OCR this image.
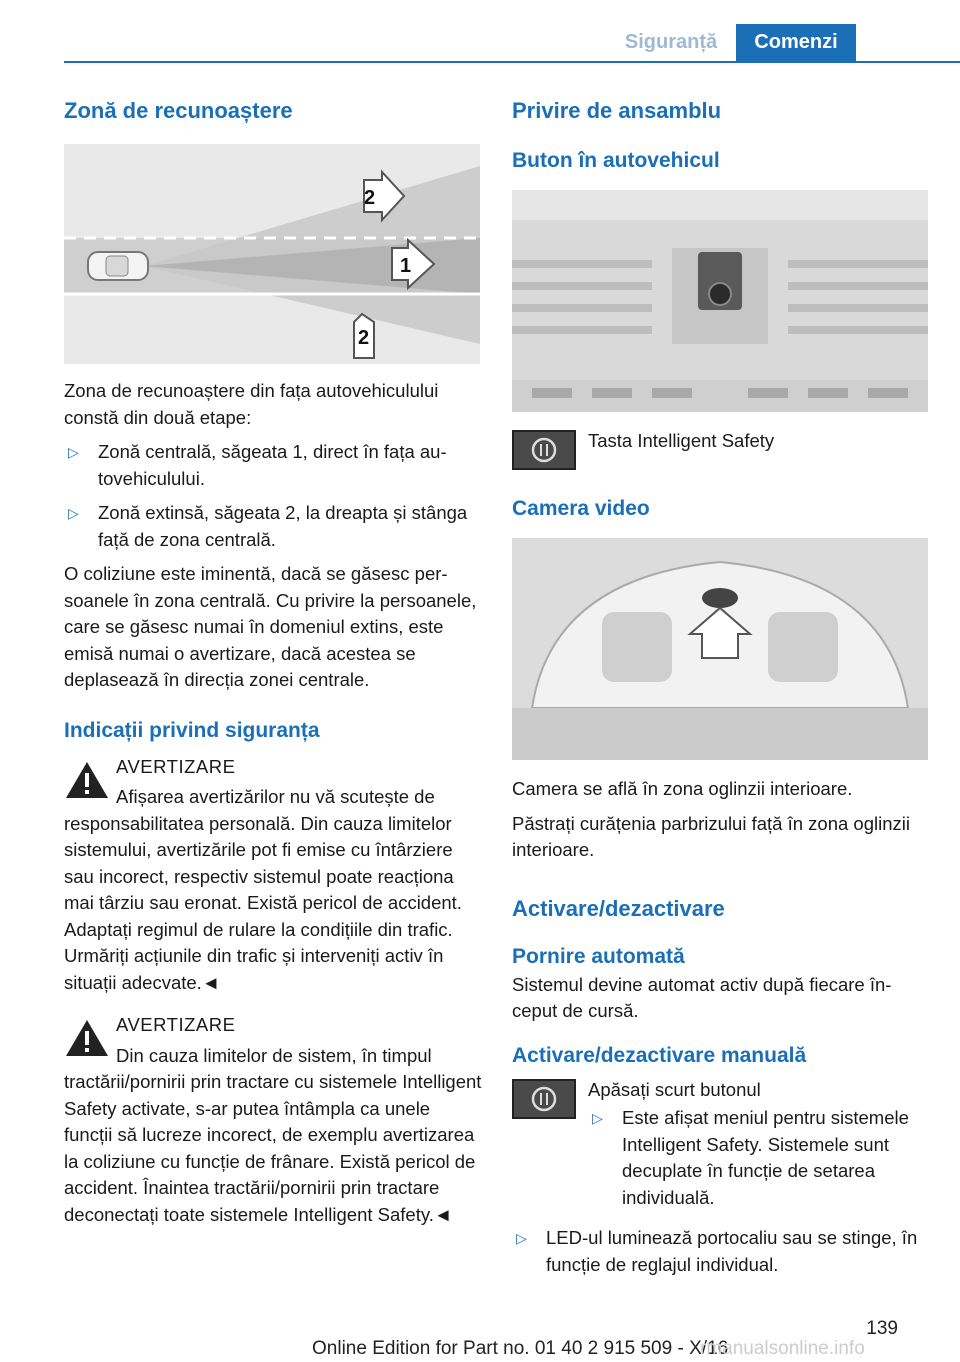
Siguranță	Comenzi
Zonă de recunoaștere
2
1
2

Zona de recunoaștere din fața autovehiculului constă din două etape:

▷ Zonă centrală, săgeata 1, direct în fața autovehiculului.
▷ Zonă extinsă, săgeata 2, la dreapta și stânga față de zona centrală.

O coliziune este iminentă, dacă se găsesc persoanele în zona centrală. Cu privire la persoanele, care se găsesc numai în domeniul extins, este emisă numai o avertizare, dacă acestea se deplasează în direcția zonei centrale.

Indicații privind siguranța
AVERTIZARE
Afișarea avertizărilor nu vă scutește de responsabilitatea personală. Din cauza limitelor sistemului, avertizările pot fi emise cu întârziere sau incorect, respectiv sistemul poate reacționa mai târziu sau eronat. Există pericol de accident. Adaptați regimul de rulare la condițiile din trafic. Urmăriți acțiunile din trafic și interveniți activ în situații adecvate.◄
AVERTIZARE
Din cauza limitelor de sistem, în timpul tractării/pornirii prin tractare cu sistemele Intelligent Safety activate, s-ar putea întâmpla ca unele funcții să lucreze incorect, de exemplu avertizarea la coliziune cu funcție de frânare. Există pericol de accident. Înaintea tractării/pornirii prin tractare deconectați toate sistemele Intelligent Safety.◄
Privire de ansamblu
Buton în autovehicul

Tasta Intelligent Safety

Camera video

Camera se află în zona oglinzii interioare.

Păstrați curățenia parbrizului față în zona oglinzii interioare.

Activare/dezactivare
Pornire automată

Sistemul devine automat activ după fiecare început de cursă.

Activare/dezactivare manuală

Apăsați scurt butonul

▷ Este afișat meniul pentru sistemele Intelligent Safety. Sistemele sunt decuplate în funcție de setarea individuală.
▷ LED-ul luminează portocaliu sau se stinge, în funcție de reglajul individual.
139
Online Edition for Part no. 01 40 2 915 509 - X/16
rmanualsonline.info
